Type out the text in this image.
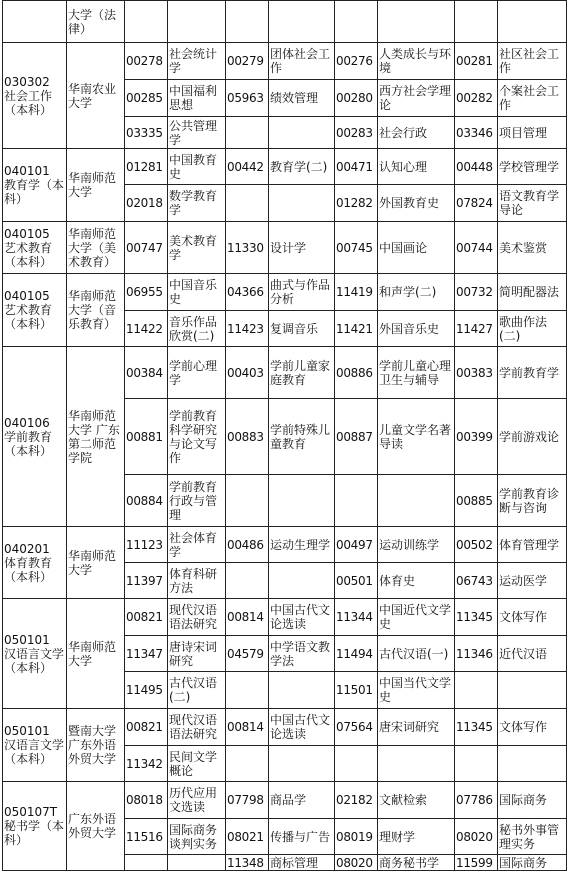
	大学（法律）								
030302 社会工作（本科）	华南农业大学	00278	社会统计学	00279	团体社会工作	00276	人类成长与环境	00281	社区社会工作
		00285	中国福利思想	05963	绩效管理	00280	西方社会学理论	00282	个案社会工作
		03335	公共管理学			00283	社会行政	03346	项目管理
040101 教育学（本科）	华南师范大学	01281	中国教育史	00442	教育学(二)	00471	认知心理	00448	学校管理学
		02018	数学教育学			01282	外国教育史	07824	语文教育学导论
040105 艺术教育（本科）	华南师范大学（美术教育）	00747	美术教育学	11330	设计学	00745	中国画论	00744	美术鉴赏
040105 艺术教育（本科）	华南师范大学（音乐教育）	06955	中国音乐史	04366	曲式与作品分析	11419	和声学(二)	00732	简明配器法
		11422	音乐作品欣赏(二)	11423	复调音乐	11421	外国音乐史	11427	歌曲作法(二)
040106 学前教育（本科）	华南师范大学 广东第二师范学院	00384	学前心理学	00403	学前儿童家庭教育	00886	学前儿童心理卫生与辅导	00383	学前教育学
		00881	学前教育科学研究与论文写作	00883	学前特殊儿童教育	00887	儿童文学名著导读	00399	学前游戏论
		00884	学前教育行政与管理					00885	学前教育诊断与咨询
040201 体育教育（本科）	华南师范大学	11123	社会体育学	00486	运动生理学	00497	运动训练学	00502	体育管理学
		11397	体育科研方法			00501	体育史	06743	运动医学
050101 汉语言文学（本科）	华南师范大学	00821	现代汉语语法研究	00814	中国古代文论选读	11344	中国近代文学史	11345	文体写作
		11347	唐诗宋词研究	04579	中学语文教学法	11494	古代汉语(一)	11346	近代汉语
		11495	古代汉语(二)			11501	中国当代文学史		
050101 汉语言文学（本科）	暨南大学 广东外语外贸大学	00821	现代汉语语法研究	00814	中国古代文论选读	07564	唐宋词研究	11345	文体写作
		11342	民间文学概论						
050107T 秘书学（本科）	广东外语外贸大学	08018	历代应用文选读	07798	商品学	02182	文献检索	07786	国际商务
		11516	国际商务谈判实务	08021	传播与广告	08019	理财学	08020	秘书外事管理实务
				11348	商标管理	08020	商务秘书学	11599	国际商务
